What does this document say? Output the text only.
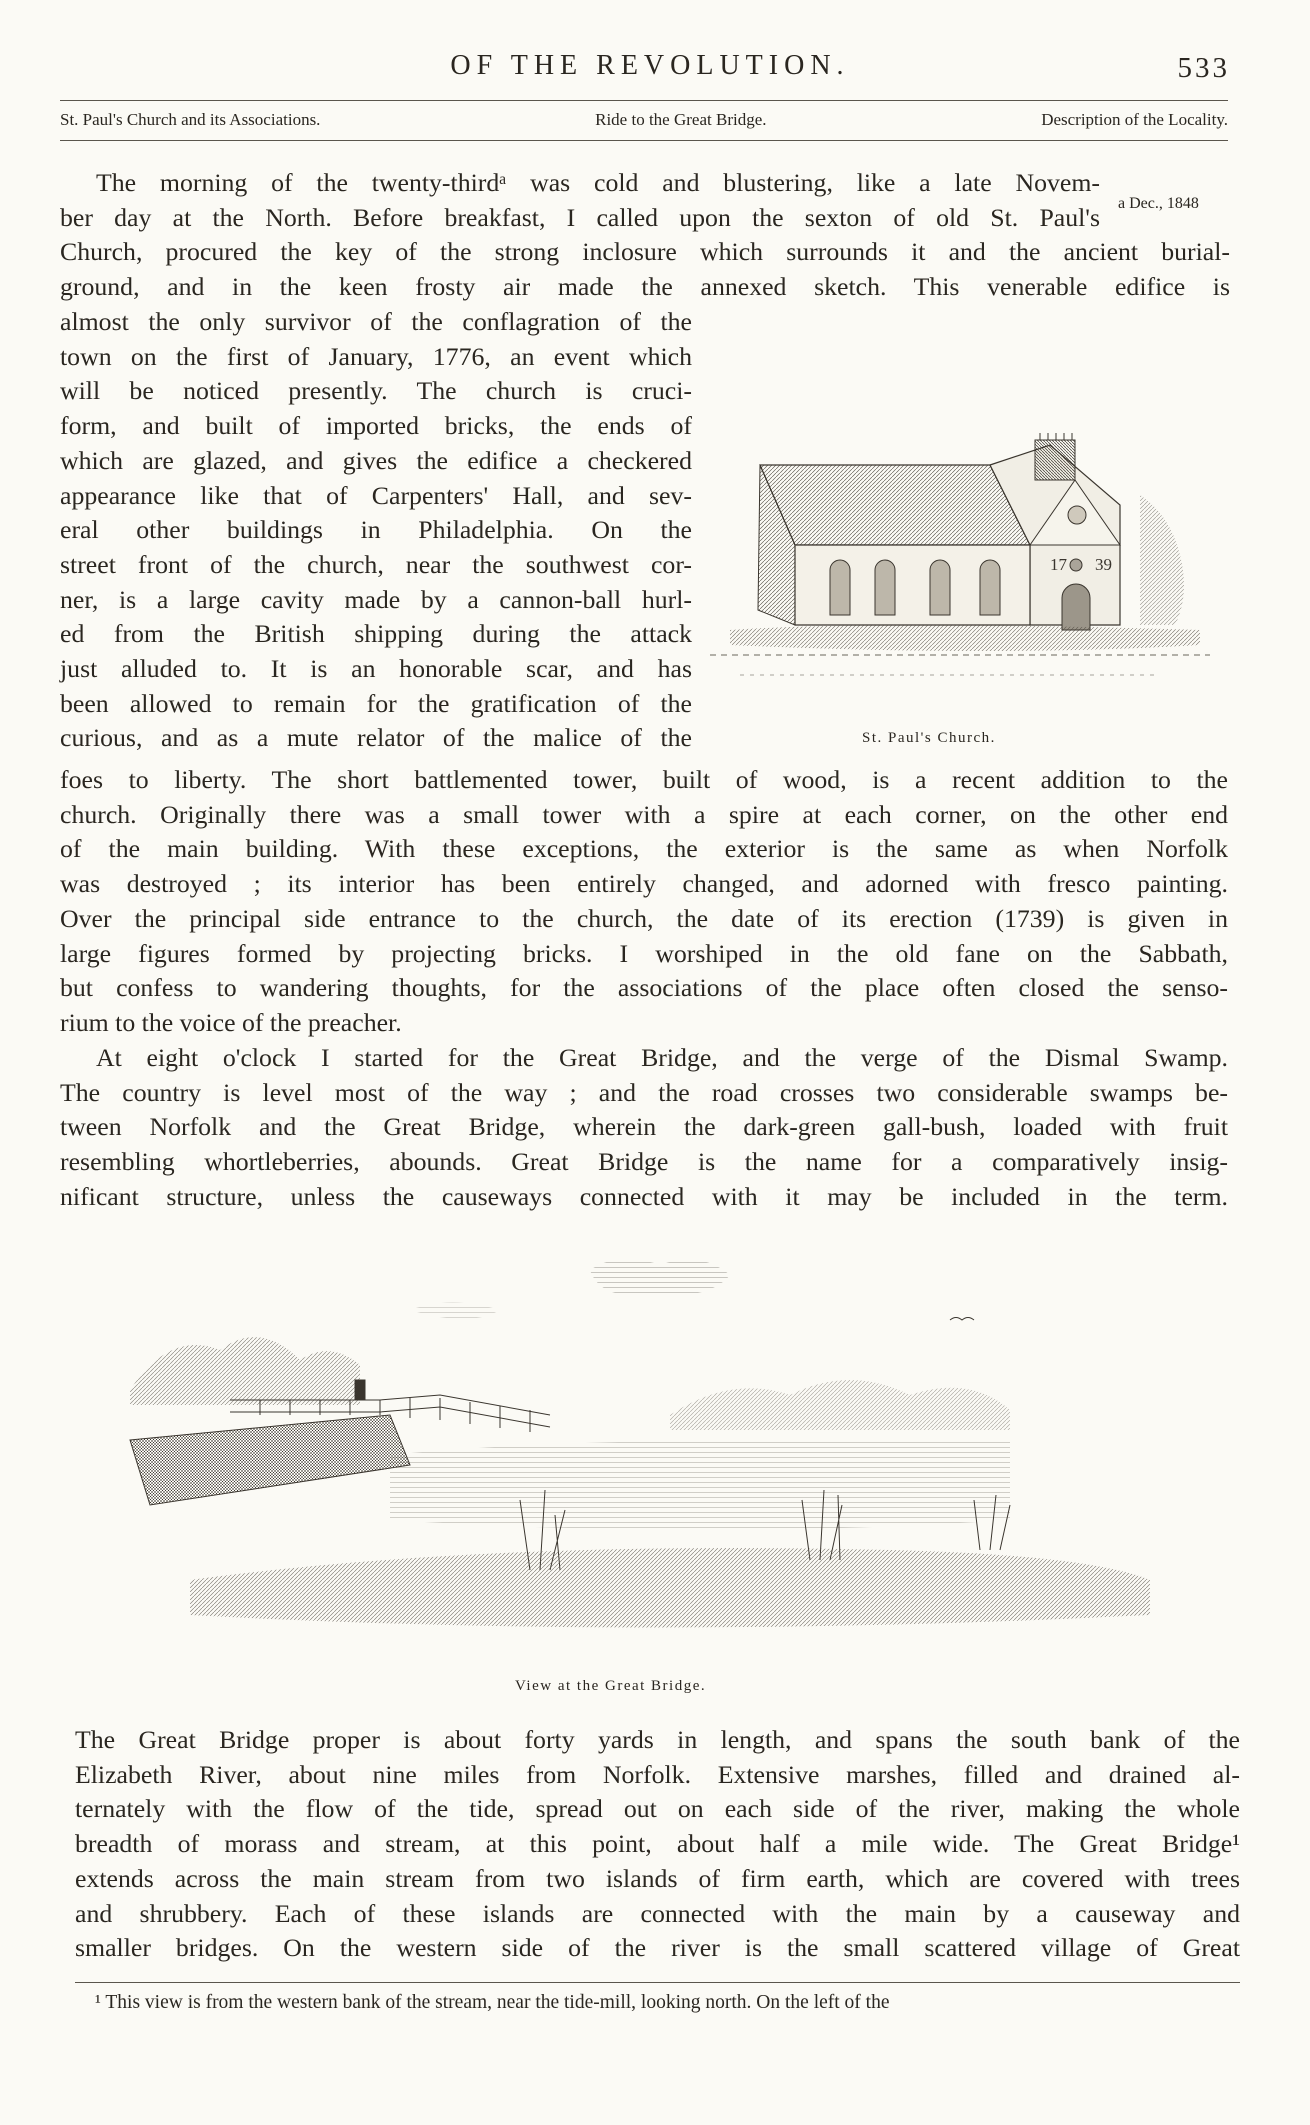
OF THE REVOLUTION.	533
St. Paul's Church and its Associations.	Ride to the Great Bridge.	Description of the Locality.
a Dec., 1848

The morning of the twenty-thirdᵃ was cold and blustering, like a late Novem-

ber day at the North. Before breakfast, I called upon the sexton of old St. Paul's

Church, procured the key of the strong inclosure which surrounds it and the ancient burial-

ground, and in the keen frosty air made the annexed sketch. This venerable edifice is

almost the only survivor of the conflagration of the

town on the first of January, 1776, an event which

will be noticed presently. The church is cruci-

form, and built of imported bricks, the ends of

which are glazed, and gives the edifice a checkered

appearance like that of Carpenters' Hall, and sev-

eral other buildings in Philadelphia. On the

street front of the church, near the southwest cor-

ner, is a large cavity made by a cannon-ball hurl-

ed from the British shipping during the attack

just alluded to. It is an honorable scar, and has

been allowed to remain for the gratification of the

curious, and as a mute relator of the malice of the

17 39
St. Paul's Church.

foes to liberty. The short battlemented tower, built of wood, is a recent addition to the

church. Originally there was a small tower with a spire at each corner, on the other end

of the main building. With these exceptions, the exterior is the same as when Norfolk

was destroyed ; its interior has been entirely changed, and adorned with fresco painting.

Over the principal side entrance to the church, the date of its erection (1739) is given in

large figures formed by projecting bricks. I worshiped in the old fane on the Sabbath,

but confess to wandering thoughts, for the associations of the place often closed the senso-

rium to the voice of the preacher.

At eight o'clock I started for the Great Bridge, and the verge of the Dismal Swamp.

The country is level most of the way ; and the road crosses two considerable swamps be-

tween Norfolk and the Great Bridge, wherein the dark-green gall-bush, loaded with fruit

resembling whortleberries, abounds. Great Bridge is the name for a comparatively insig-

nificant structure, unless the causeways connected with it may be included in the term.

View at the Great Bridge.

The Great Bridge proper is about forty yards in length, and spans the south bank of the

Elizabeth River, about nine miles from Norfolk. Extensive marshes, filled and drained al-

ternately with the flow of the tide, spread out on each side of the river, making the whole

breadth of morass and stream, at this point, about half a mile wide. The Great Bridge¹

extends across the main stream from two islands of firm earth, which are covered with trees

and shrubbery. Each of these islands are connected with the main by a causeway and

smaller bridges. On the western side of the river is the small scattered village of Great

¹ This view is from the western bank of the stream, near the tide-mill, looking north. On the left of the
